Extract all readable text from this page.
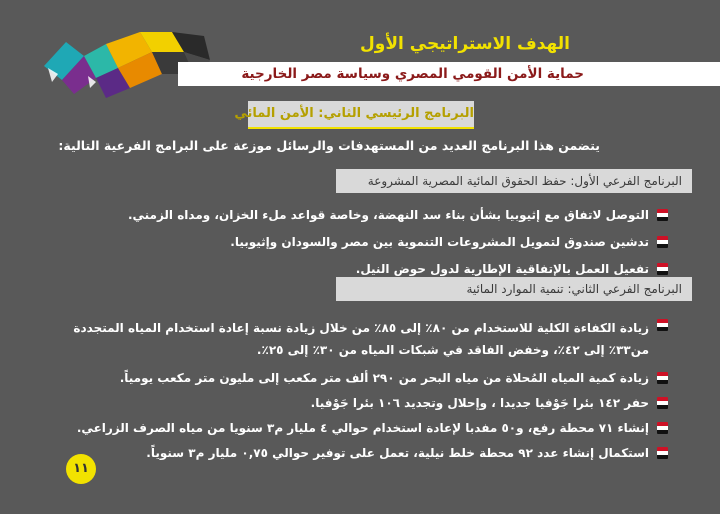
الهدف الاستراتيجي الأول
حماية الأمن القومي المصري وسياسة مصر الخارجية
البرنامج الرئيسي الثاني: الأمن المائي
يتضمن هذا البرنامج العديد من المستهدفات والرسائل موزعة على البرامج الفرعية التالية:
البرنامج الفرعي الأول: حفظ الحقوق المائية المصرية المشروعة
التوصل لاتفاق مع إثيوبيا بشأن بناء سد النهضة، وخاصة قواعد ملء الخزان، ومداه الزمني.
تدشين صندوق لتمويل المشروعات التنموية بين مصر والسودان وإثيوبيا.
تفعيل العمل بالإتفاقية الإطارية لدول حوض النيل.
البرنامج الفرعي الثاني: تنمية الموارد المائية
زيادة الكفاءة الكلية للاستخدام من ٨٠٪ إلى ٨٥٪ من خلال زيادة نسبة إعادة استخدام المياه المتجددة من٣٣٪ إلى ٤٢٪، وخفض الفاقد في شبكات المياه من ٣٠٪ إلى ٢٥٪.
زيادة كمية المياه المُحلاة من مياه البحر من ٢٩٠ ألف متر مكعب إلى مليون متر مكعب يومياً.
حفر ١٤٢ بئرا جَوْفيا جديدا ، وإحلال وتجديد ١٠٦ بئرا جَوْفيا.
إنشاء ٧١ محطة رفع، و٥٠ مفدبا لإعادة استخدام حوالي ٤ مليار م٣ سنويا من مياه الصرف الزراعي.
استكمال إنشاء عدد ٩٢ محطة خلط نيلية، تعمل على توفير حوالي ٠,٧٥ مليار م٣ سنوياً.
١١
